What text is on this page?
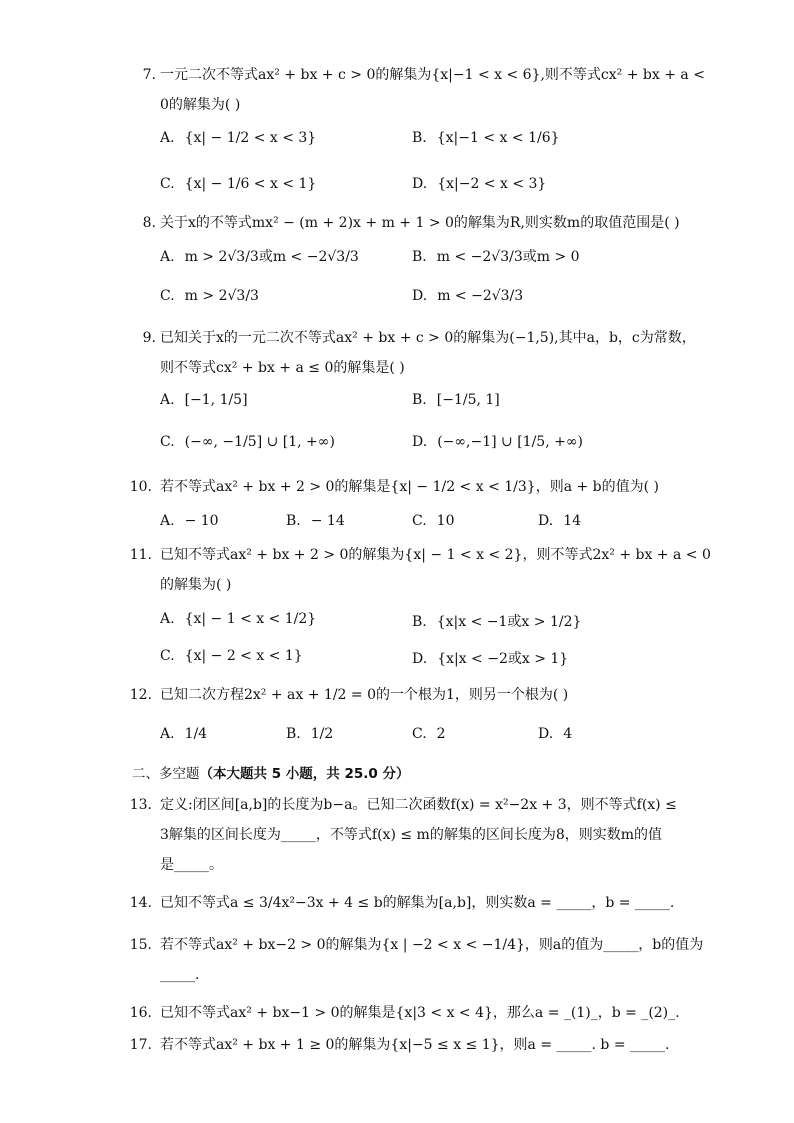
7. 一元二次不等式ax² + bx + c > 0的解集为{x|−1 < x < 6},则不等式cx² + bx + a <
0的解集为( )
A. {x| − 1/2 < x < 3}	B. {x|−1 < x < 1/6}
C. {x| − 1/6 < x < 1}	D. {x|−2 < x < 3}
8. 关于x的不等式mx² − (m + 2)x + m + 1 > 0的解集为R,则实数m的取值范围是( )
A. m > 2√3/3或m < −2√3/3	B. m < −2√3/3或m > 0
C. m > 2√3/3	D. m < −2√3/3
9. 已知关于x的一元二次不等式ax² + bx + c > 0的解集为(−1,5),其中a，b，c为常数，
则不等式cx² + bx + a ≤ 0的解集是( )
A. [−1, 1/5]	B. [−1/5, 1]
C. (−∞, −1/5] ∪ [1, +∞)	D. (−∞,−1] ∪ [1/5, +∞)
10. 若不等式ax² + bx + 2 > 0的解集是{x| − 1/2 < x < 1/3}，则a + b的值为( )
A. − 10	B. − 14	C. 10	D. 14
11. 已知不等式ax² + bx + 2 > 0的解集为{x| − 1 < x < 2}，则不等式2x² + bx + a < 0
的解集为( )
A. {x| − 1 < x < 1/2}	B. {x|x < −1或x > 1/2}
C. {x| − 2 < x < 1}	D. {x|x < −2或x > 1}
12. 已知二次方程2x² + ax + 1/2 = 0的一个根为1，则另一个根为( )
A. 1/4	B. 1/2	C. 2	D. 4
二、多空题（本大题共 5 小题，共 25.0 分）
13. 定义:闭区间[a,b]的长度为b−a。已知二次函数f(x) = x²−2x + 3，则不等式f(x) ≤
3解集的区间长度为_____，不等式f(x) ≤ m的解集的区间长度为8，则实数m的值
是_____。
14. 已知不等式a ≤ 3/4x²−3x + 4 ≤ b的解集为[a,b]，则实数a = _____，b = _____.
15. 若不等式ax² + bx−2 > 0的解集为{x | −2 < x < −1/4}，则a的值为_____，b的值为
_____.
16. 已知不等式ax² + bx−1 > 0的解集是{x|3 < x < 4}，那么a = _(1)_，b = _(2)_.
17. 若不等式ax² + bx + 1 ≥ 0的解集为{x|−5 ≤ x ≤ 1}，则a = _____. b = _____.
